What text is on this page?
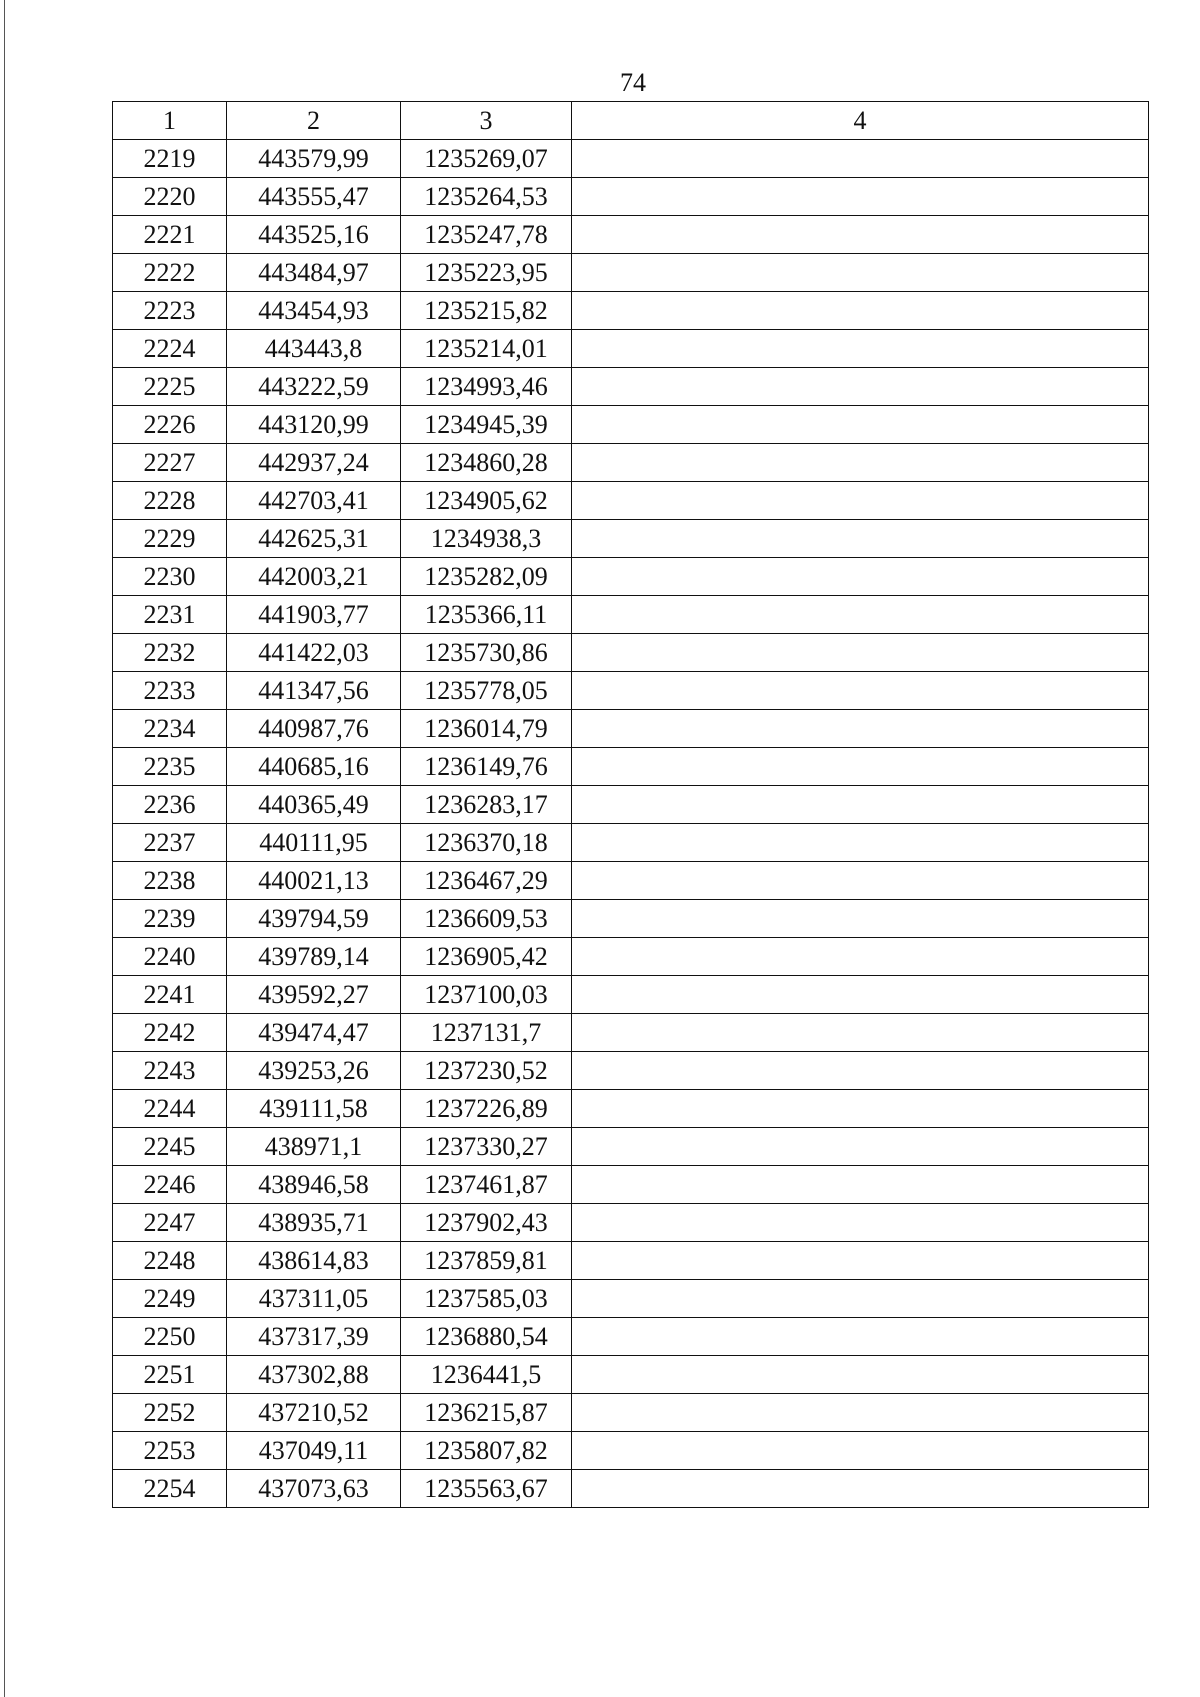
74
1	2	3	4
2219	443579,99	1235269,07	
2220	443555,47	1235264,53	
2221	443525,16	1235247,78	
2222	443484,97	1235223,95	
2223	443454,93	1235215,82	
2224	443443,8	1235214,01	
2225	443222,59	1234993,46	
2226	443120,99	1234945,39	
2227	442937,24	1234860,28	
2228	442703,41	1234905,62	
2229	442625,31	1234938,3	
2230	442003,21	1235282,09	
2231	441903,77	1235366,11	
2232	441422,03	1235730,86	
2233	441347,56	1235778,05	
2234	440987,76	1236014,79	
2235	440685,16	1236149,76	
2236	440365,49	1236283,17	
2237	440111,95	1236370,18	
2238	440021,13	1236467,29	
2239	439794,59	1236609,53	
2240	439789,14	1236905,42	
2241	439592,27	1237100,03	
2242	439474,47	1237131,7	
2243	439253,26	1237230,52	
2244	439111,58	1237226,89	
2245	438971,1	1237330,27	
2246	438946,58	1237461,87	
2247	438935,71	1237902,43	
2248	438614,83	1237859,81	
2249	437311,05	1237585,03	
2250	437317,39	1236880,54	
2251	437302,88	1236441,5	
2252	437210,52	1236215,87	
2253	437049,11	1235807,82	
2254	437073,63	1235563,67	
